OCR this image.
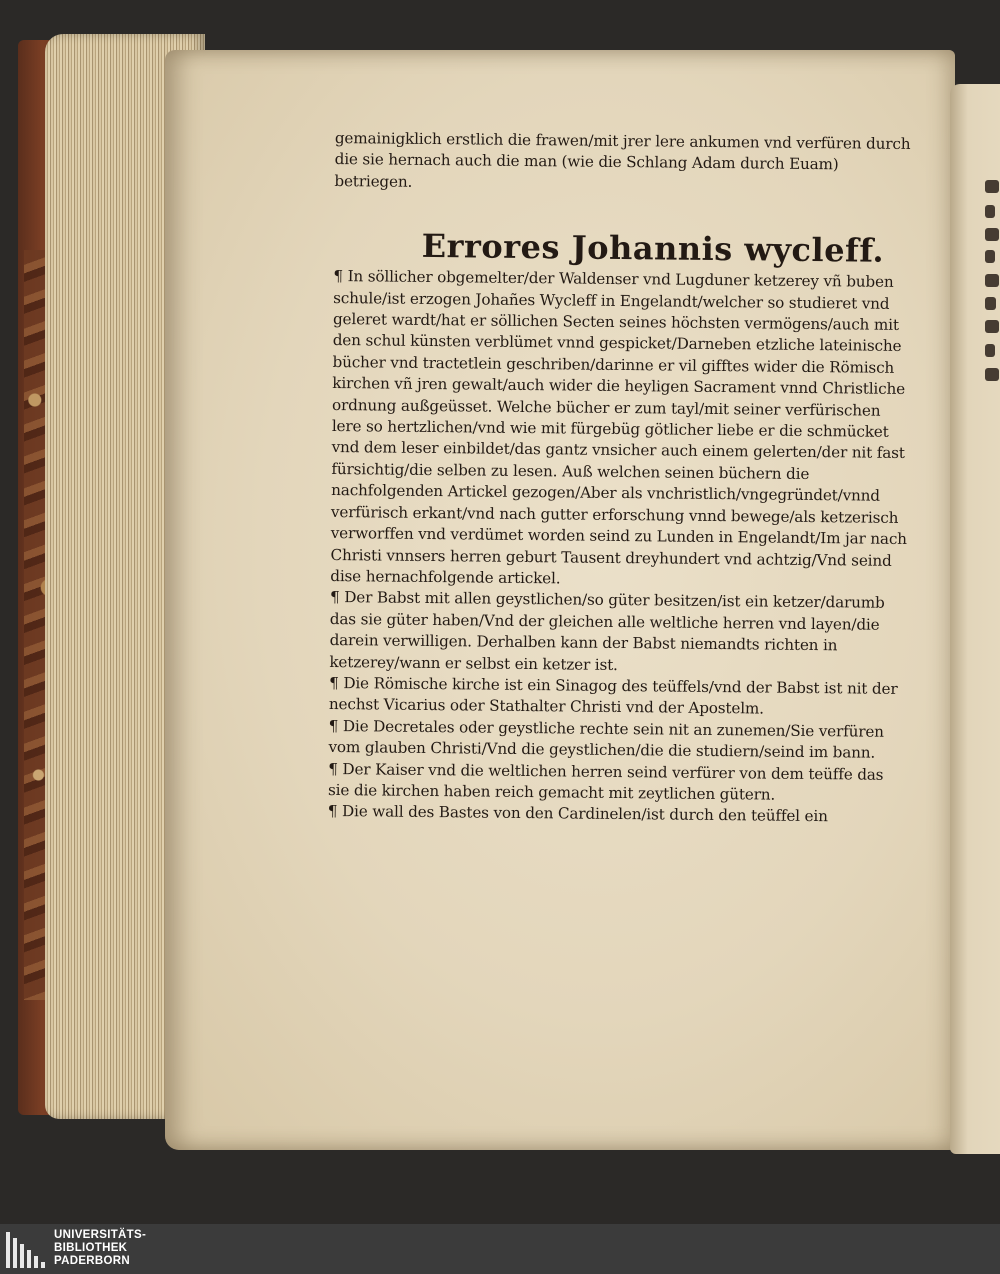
gemainigklich erstlich die frawen/mit jrer lere ankumen vnd verfüren durch die sie hernach auch die man (wie die Schlang Adam durch Euam) betriegen.

Errores Johannis wycleff.

¶ In söllicher obgemelter/der Waldenser vnd Lugduner ketzerey vñ buben schule/ist erzogen Johañes Wycleff in Engelandt/welcher so studieret vnd geleret wardt/hat er söllichen Secten seines höchsten vermögens/auch mit den schul künsten verblümet vnnd gespicket/Darneben etzliche lateinische bücher vnd tractetlein geschriben/darinne er vil gifftes wider die Römisch kirchen vñ jren gewalt/auch wider die heyligen Sacrament vnnd Christliche ordnung außgeüsset. Welche bücher er zum tayl/mit seiner verfürischen lere so hertzlichen/vnd wie mit fürgebüg götlicher liebe er die schmücket vnd dem leser einbildet/das gantz vnsicher auch einem gelerten/der nit fast fürsichtig/die selben zu lesen. Auß welchen seinen büchern die nachfolgenden Artickel gezogen/Aber als vnchristlich/vngegründet/vnnd verfürisch erkant/vnd nach gutter erforschung vnnd bewege/als ketzerisch verworffen vnd verdümet worden seind zu Lunden in Engelandt/Im jar nach Christi vnnsers herren geburt Tausent dreyhundert vnd achtzig/Vnd seind dise hernachfolgende artickel.

¶ Der Babst mit allen geystlichen/so güter besitzen/ist ein ketzer/darumb das sie güter haben/Vnd der gleichen alle weltliche herren vnd layen/die darein verwilligen. Derhalben kann der Babst niemandts richten in ketzerey/wann er selbst ein ketzer ist.

¶ Die Römische kirche ist ein Sinagog des teüffels/vnd der Babst ist nit der nechst Vicarius oder Stathalter Christi vnd der Apostelm.

¶ Die Decretales oder geystliche rechte sein nit an zunemen/Sie verfüren vom glauben Christi/Vnd die geystlichen/die die studiern/seind im bann.

¶ Der Kaiser vnd die weltlichen herren seind verfürer von dem teüffe das sie die kirchen haben reich gemacht mit zeytlichen gütern.

¶ Die wall des Bastes von den Cardinelen/ist durch den teüffel ein

UNIVERSITÄTS-
BIBLIOTHEK
PADERBORN
